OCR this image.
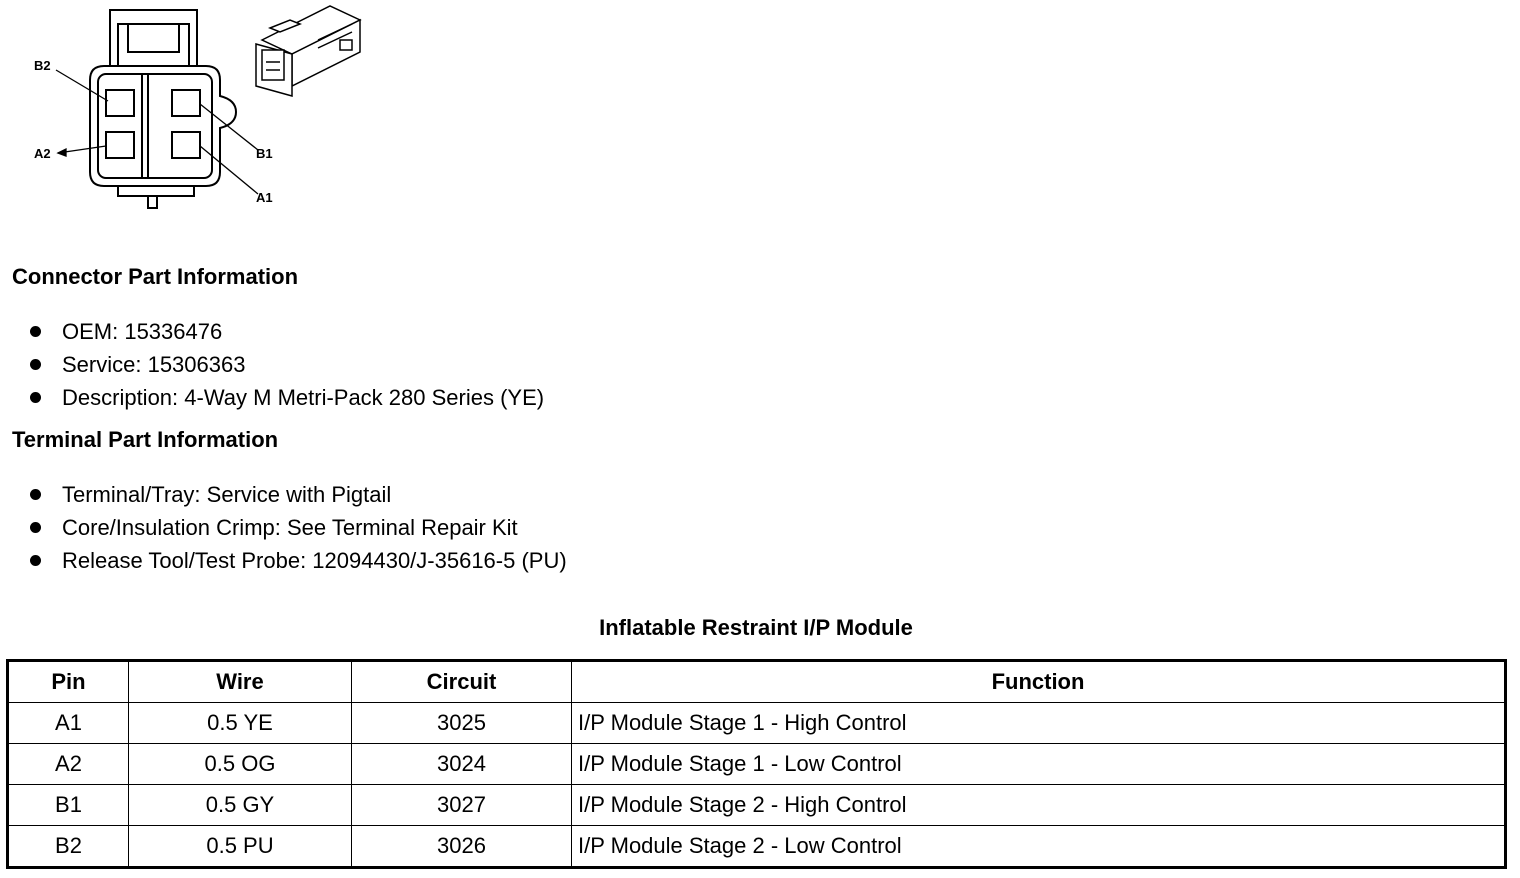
B2
A2	B1
A1
Connector Part Information
OEM: 15336476
Service: 15306363
Description: 4-Way M Metri-Pack 280 Series (YE)
Terminal Part Information
Terminal/Tray: Service with Pigtail
Core/Insulation Crimp: See Terminal Repair Kit
Release Tool/Test Probe: 12094430/J-35616-5 (PU)
Inflatable Restraint I/P Module
Pin	Wire	Circuit	Function
A1	0.5 YE	3025	I/P Module Stage 1 - High Control
A2	0.5 OG	3024	I/P Module Stage 1 - Low Control
B1	0.5 GY	3027	I/P Module Stage 2 - High Control
B2	0.5 PU	3026	I/P Module Stage 2 - Low Control
